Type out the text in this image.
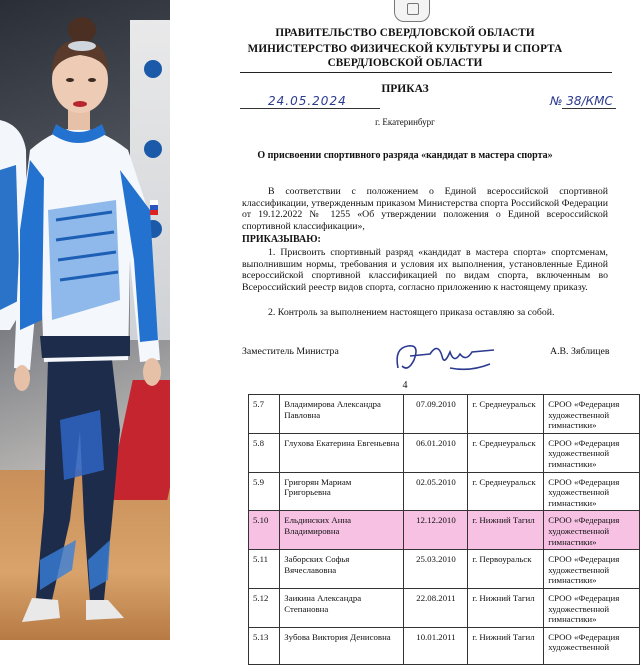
ПРАВИТЕЛЬСТВО СВЕРДЛОВСКОЙ ОБЛАСТИ
МИНИСТЕРСТВО ФИЗИЧЕСКОЙ КУЛЬТУРЫ И СПОРТА
СВЕРДЛОВСКОЙ ОБЛАСТИ
ПРИКАЗ
24.05.2024	№ 38/КМС
г. Екатеринбург
О присвоении спортивного разряда «кандидат в мастера спорта»
В соответствии с положением о Единой всероссийской спортивной классификации, утвержденным приказом Министерства спорта Российской Федерации от 19.12.2022 № 1255 «Об утверждении положения о Единой всероссийской спортивной классификации»,
ПРИКАЗЫВАЮ:
1. Присвоить спортивный разряд «кандидат в мастера спорта» спортсменам, выполнившим нормы, требования и условия их выполнения, установленные Единой всероссийской спортивной классификацией по видам спорта, включенным во Всероссийский реестр видов спорта, согласно приложению к настоящему приказу.
2. Контроль за выполнением настоящего приказа оставляю за собой.
Заместитель Министра	А.В. Зяблицев
4
5.7	Владимирова Александра Павловна	07.09.2010	г. Среднеуральск	СРОО «Федерация художественной гимнастики»
5.8	Глухова Екатерина Евгеньевна	06.01.2010	г. Среднеуральск	СРОО «Федерация художественной гимнастики»
5.9	Григорян Мариам Григорьевна	02.05.2010	г. Среднеуральск	СРОО «Федерация художественной гимнастики»
5.10	Ельдинских Анна Владимировна	12.12.2010	г. Нижний Тагил	СРОО «Федерация художественной гимнастики»
5.11	Заборских Софья Вячеславовна	25.03.2010	г. Первоуральск	СРОО «Федерация художественной гимнастики»
5.12	Заикина Александра Степановна	22.08.2011	г. Нижний Тагил	СРОО «Федерация художественной гимнастики»
5.13	Зубова Виктория Денисовна	10.01.2011	г. Нижний Тагил	СРОО «Федерация художественной
